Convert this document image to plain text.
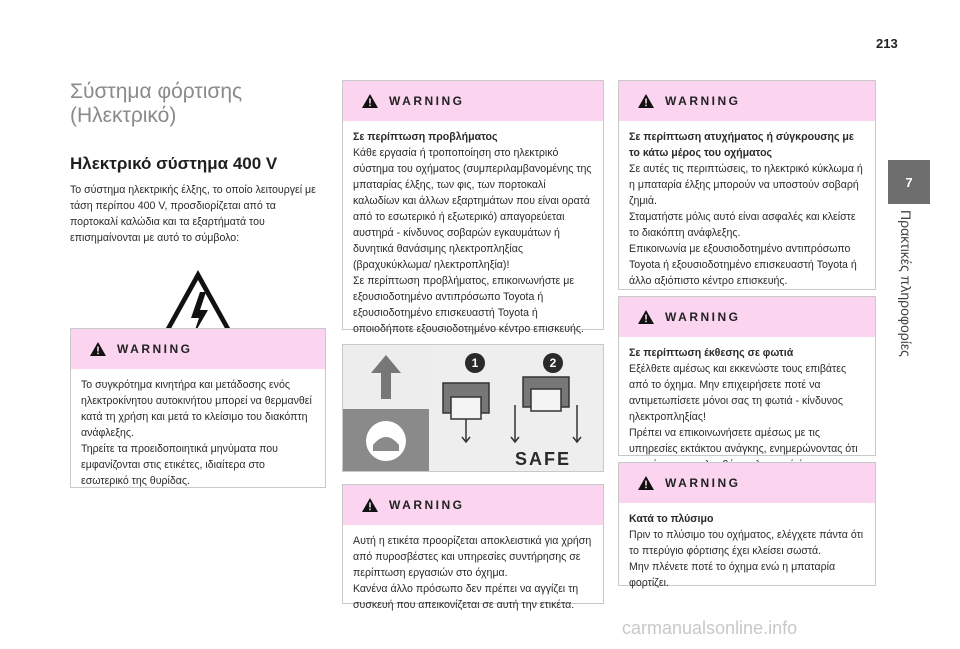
213
7
Πρακτικές πληροφορίες
Σύστημα φόρτισης
(Ηλεκτρικό)
Ηλεκτρικό σύστημα 400 V

Το σύστημα ηλεκτρικής έλξης, το οποίο λειτουργεί με τάση περίπου 400 V, προσδιορίζεται από τα πορτοκαλί καλώδια και τα εξαρτήματά του επισημαίνονται με αυτό το σύμβολο:

WARNING

Το συγκρότημα κινητήρα και μετάδοσης ενός ηλεκτροκίνητου αυτοκινήτου μπορεί να θερμανθεί κατά τη χρήση και μετά το κλείσιμο του διακόπτη ανάφλεξης.
Τηρείτε τα προειδοποιητικά μηνύματα που εμφανίζονται στις ετικέτες, ιδιαίτερα στο εσωτερικό της θυρίδας.

WARNING

Σε περίπτωση προβλήματος

Κάθε εργασία ή τροποποίηση στο ηλεκτρικό σύστημα του οχήματος (συμπεριλαμβανομένης της μπαταρίας έλξης, των φις, των πορτοκαλί καλωδίων και άλλων εξαρτημάτων που είναι ορατά από το εσωτερικό ή εξωτερικό) απαγορεύεται αυστηρά - κίνδυνος σοβαρών εγκαυμάτων ή δυνητικά θανάσιμης ηλεκτροπληξίας (βραχυκύκλωμα/ ηλεκτροπληξία)!
Σε περίπτωση προβλήματος, επικοινωνήστε με εξουσιοδοτημένο αντιπρόσωπο Toyota ή εξουσιοδοτημένο επισκευαστή Toyota ή οποιοδήποτε εξουσιοδοτημένο κέντρο επισκευής.

1	2
SAFE
WARNING

Αυτή η ετικέτα προορίζεται αποκλειστικά για χρήση από πυροσβέστες και υπηρεσίες συντήρησης σε περίπτωση εργασιών στο όχημα.
Κανένα άλλο πρόσωπο δεν πρέπει να αγγίζει τη συσκευή που απεικονίζεται σε αυτή την ετικέτα.

WARNING

Σε περίπτωση ατυχήματος ή σύγκρουσης με το κάτω μέρος του οχήματος

Σε αυτές τις περιπτώσεις, το ηλεκτρικό κύκλωμα ή η μπαταρία έλξης μπορούν να υποστούν σοβαρή ζημιά.
Σταματήστε μόλις αυτό είναι ασφαλές και κλείστε το διακόπτη ανάφλεξης.
Επικοινωνία με εξουσιοδοτημένο αντιπρόσωπο Toyota ή εξουσιοδοτημένο επισκευαστή Toyota ή άλλο αξιόπιστο κέντρο επισκευής.

WARNING

Σε περίπτωση έκθεσης σε φωτιά

Εξέλθετε αμέσως και εκκενώστε τους επιβάτες από το όχημα. Μην επιχειρήσετε ποτέ να αντιμετωπίσετε μόνοι σας τη φωτιά - κίνδυνος ηλεκτροπληξίας!
Πρέπει να επικοινωνήσετε αμέσως με τις υπηρεσίες εκτάκτου ανάγκης, ενημερώνοντας ότι

WARNING

Κατά το πλύσιμο

Πριν το πλύσιμο του οχήματος, ελέγχετε πάντα ότι το πτερύγιο φόρτισης έχει κλείσει σωστά.
Μην πλένετε ποτέ το όχημα ενώ η μπαταρία φορτίζει.

carmanualsonline.info
